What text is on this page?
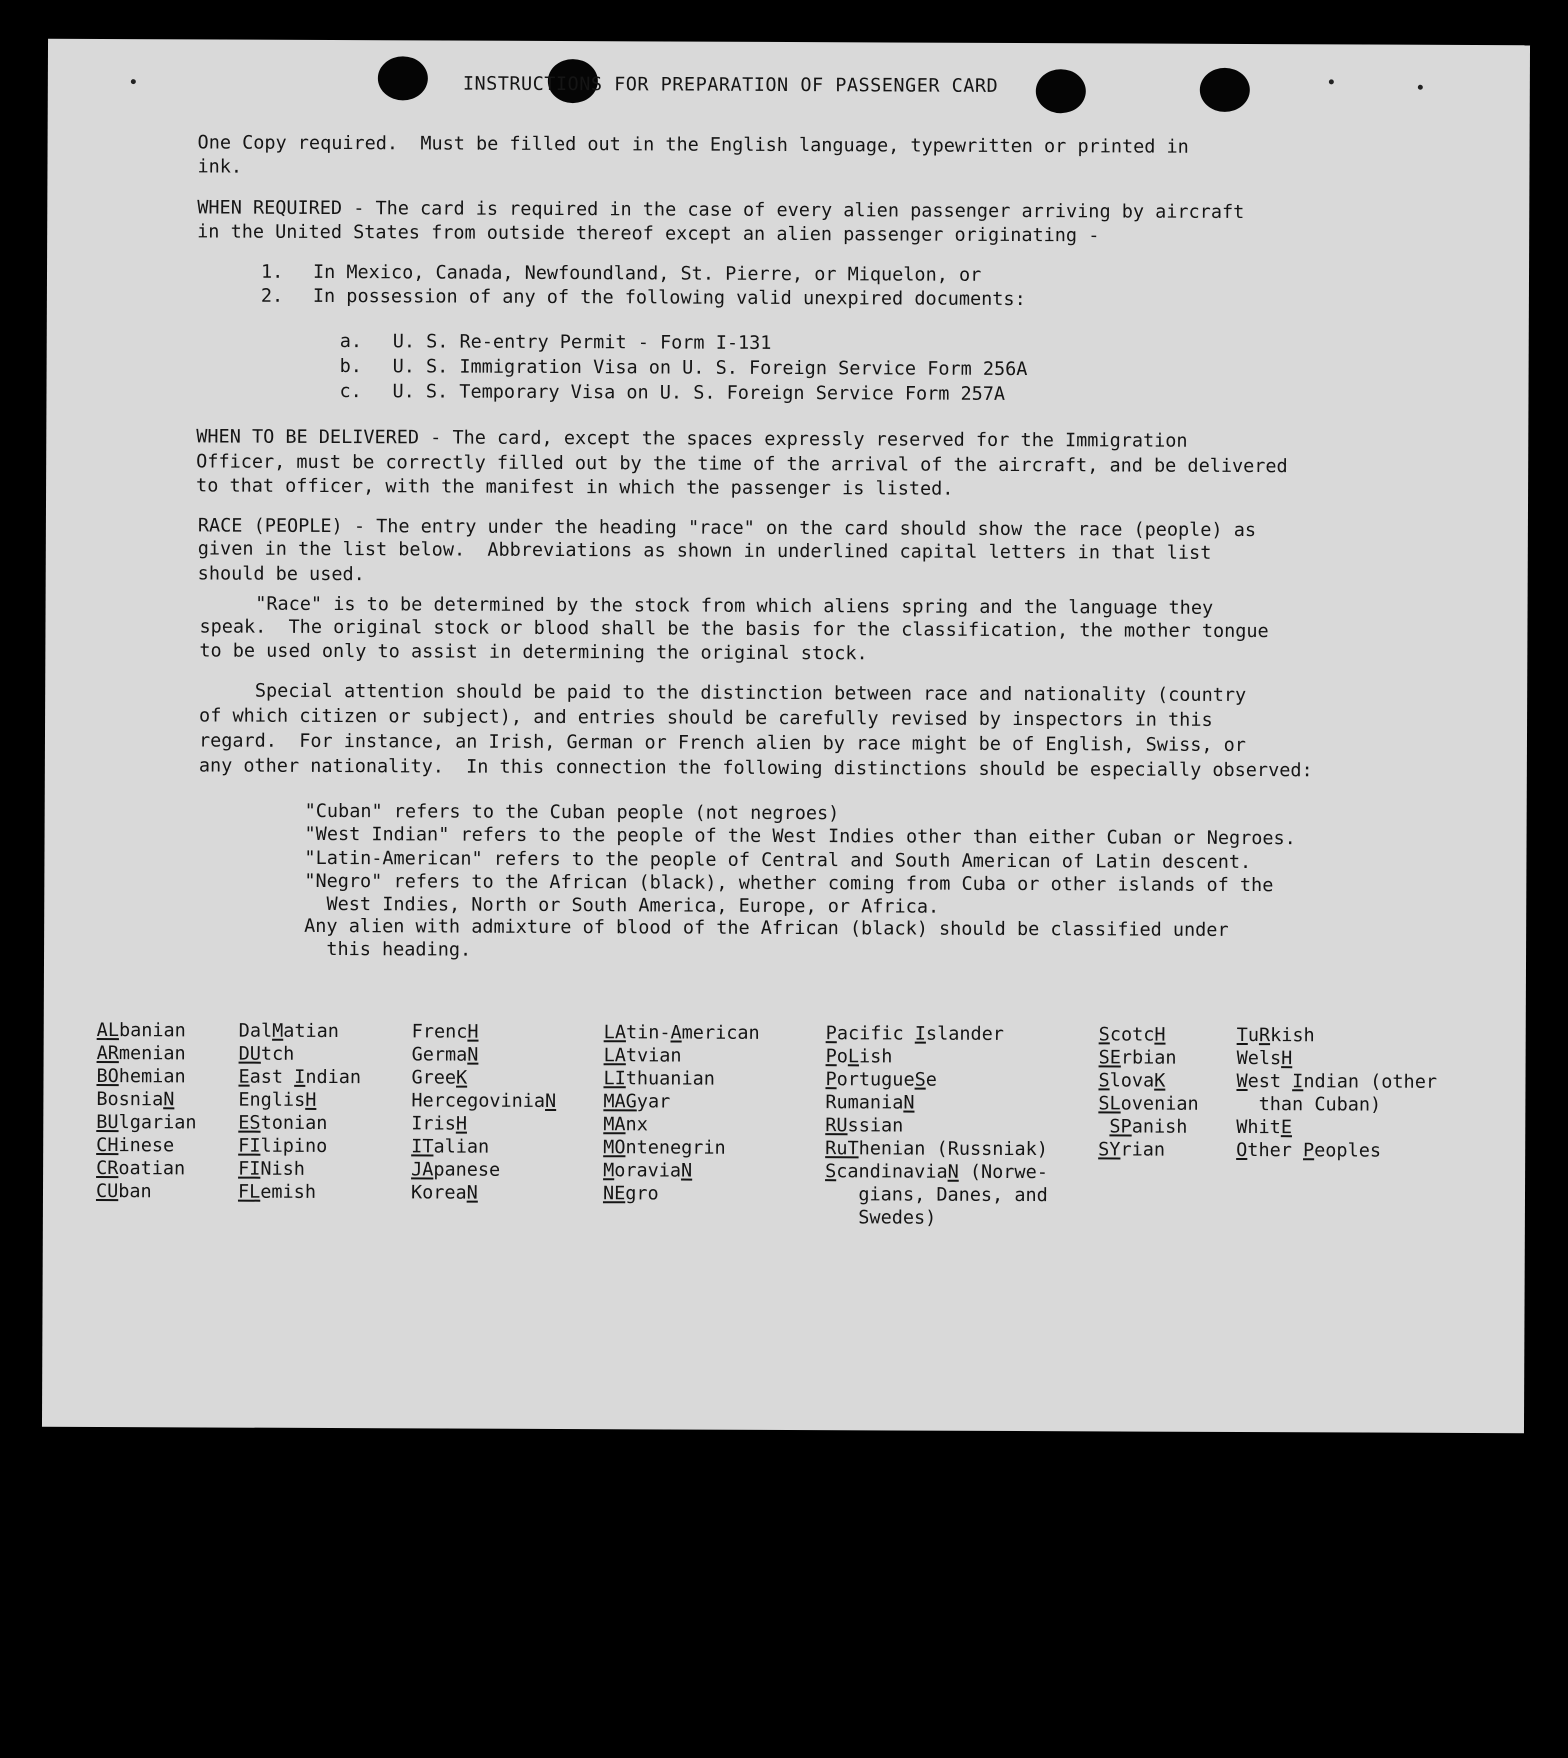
INSTRUCTIONS FOR PREPARATION OF PASSENGER CARD
One Copy required.  Must be filled out in the English language, typewritten or printed in
ink.
WHEN REQUIRED - The card is required in the case of every alien passenger arriving by aircraft
in the United States from outside thereof except an alien passenger originating -
1. In Mexico, Canada, Newfoundland, St. Pierre, or Miquelon, or
2. In possession of any of the following valid unexpired documents:
a. U. S. Re-entry Permit - Form I-131
b. U. S. Immigration Visa on U. S. Foreign Service Form 256A
c. U. S. Temporary Visa on U. S. Foreign Service Form 257A
WHEN TO BE DELIVERED - The card, except the spaces expressly reserved for the Immigration
Officer, must be correctly filled out by the time of the arrival of the aircraft, and be delivered
to that officer, with the manifest in which the passenger is listed.
RACE (PEOPLE) - The entry under the heading "race" on the card should show the race (people) as
given in the list below.  Abbreviations as shown in underlined capital letters in that list
should be used.
"Race" is to be determined by the stock from which aliens spring and the language they
speak.  The original stock or blood shall be the basis for the classification, the mother tongue
to be used only to assist in determining the original stock.
Special attention should be paid to the distinction between race and nationality (country
of which citizen or subject), and entries should be carefully revised by inspectors in this
regard.  For instance, an Irish, German or French alien by race might be of English, Swiss, or
any other nationality.  In this connection the following distinctions should be especially observed:
"Cuban" refers to the Cuban people (not negroes)
"West Indian" refers to the people of the West Indies other than either Cuban or Negroes.
"Latin-American" refers to the people of Central and South American of Latin descent.
"Negro" refers to the African (black), whether coming from Cuba or other islands of the
West Indies, North or South America, Europe, or Africa.
Any alien with admixture of blood of the African (black) should be classified under
this heading.
ALbanian
ARmenian
BOhemian
BosniaN
BUlgarian
CHinese
CRoatian
CUban
DalMatian
DUtch
East Indian
EnglisH
EStonian
FIlipino
FINish
FLemish
FrencH
GermaN
GreeK
HercegoviniaN
IrisH
ITalian
JApanese
KoreaN
LAtin-American
LAtvian
LIthuanian
MAGyar
MAnx
MOntenegrin
MoraviaN
NEgro
Pacific Islander
PoLish
PortugueSe
RumaniaN
RUssian
RuThenian (Russniak)
ScandinaviaN (Norwe-
gians, Danes, and
Swedes)
ScotcH
SErbian
SlovaK
SLovenian
SPanish
SYrian
TuRkish
WelsH
West Indian (other
than Cuban)
WhitE
Other Peoples
